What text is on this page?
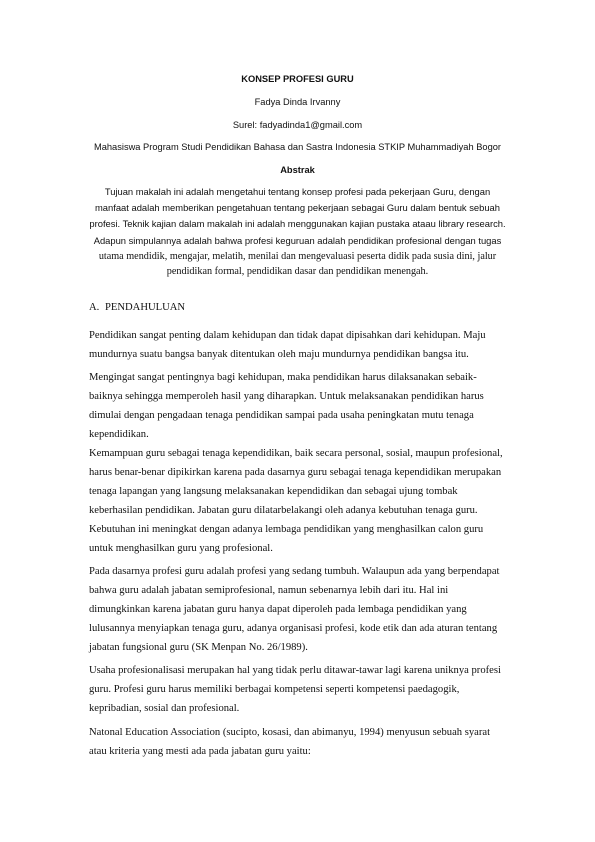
KONSEP PROFESI GURU
Fadya Dinda Irvanny
Surel: fadyadinda1@gmail.com
Mahasiswa Program Studi Pendidikan Bahasa dan Sastra Indonesia STKIP Muhammadiyah Bogor
Abstrak
Tujuan makalah ini adalah mengetahui tentang konsep profesi pada pekerjaan Guru, dengan
manfaat adalah memberikan pengetahuan tentang pekerjaan sebagai Guru dalam bentuk sebuah
profesi. Teknik kajian dalam makalah ini adalah menggunakan kajian pustaka ataau library research.
Adapun simpulannya adalah bahwa profesi keguruan adalah pendidikan profesional dengan tugas
utama mendidik, mengajar, melatih, menilai dan mengevaluasi peserta didik pada susia dini, jalur
pendidikan formal, pendidikan dasar dan pendidikan menengah.
A. PENDAHULUAN
Pendidikan sangat penting dalam kehidupan dan tidak dapat dipisahkan dari kehidupan. Maju
mundurnya suatu bangsa banyak ditentukan oleh maju mundurnya pendidikan bangsa itu.
Mengingat sangat pentingnya bagi kehidupan, maka pendidikan harus dilaksanakan sebaik-
baiknya sehingga memperoleh hasil yang diharapkan. Untuk melaksanakan pendidikan harus
dimulai dengan pengadaan tenaga pendidikan sampai pada usaha peningkatan mutu tenaga
kependidikan.
Kemampuan guru sebagai tenaga kependidikan, baik secara personal, sosial, maupun profesional,
harus benar-benar dipikirkan karena pada dasarnya guru sebagai tenaga kependidikan merupakan
tenaga lapangan yang langsung melaksanakan kependidikan dan sebagai ujung tombak
keberhasilan pendidikan. Jabatan guru dilatarbelakangi oleh adanya kebutuhan tenaga guru.
Kebutuhan ini meningkat dengan adanya lembaga pendidikan yang menghasilkan calon guru
untuk menghasilkan guru yang profesional.
Pada dasarnya profesi guru adalah profesi yang sedang tumbuh. Walaupun ada yang berpendapat
bahwa guru adalah jabatan semiprofesional, namun sebenarnya lebih dari itu. Hal ini
dimungkinkan karena jabatan guru hanya dapat diperoleh pada lembaga pendidikan yang
lulusannya menyiapkan tenaga guru, adanya organisasi profesi, kode etik dan ada aturan tentang
jabatan fungsional guru (SK Menpan No. 26/1989).
Usaha profesionalisasi merupakan hal yang tidak perlu ditawar-tawar lagi karena uniknya profesi
guru. Profesi guru harus memiliki berbagai kompetensi seperti kompetensi paedagogik,
kepribadian, sosial dan profesional.
Natonal Education Association (sucipto, kosasi, dan abimanyu, 1994) menyusun sebuah syarat
atau kriteria yang mesti ada pada jabatan guru yaitu:
